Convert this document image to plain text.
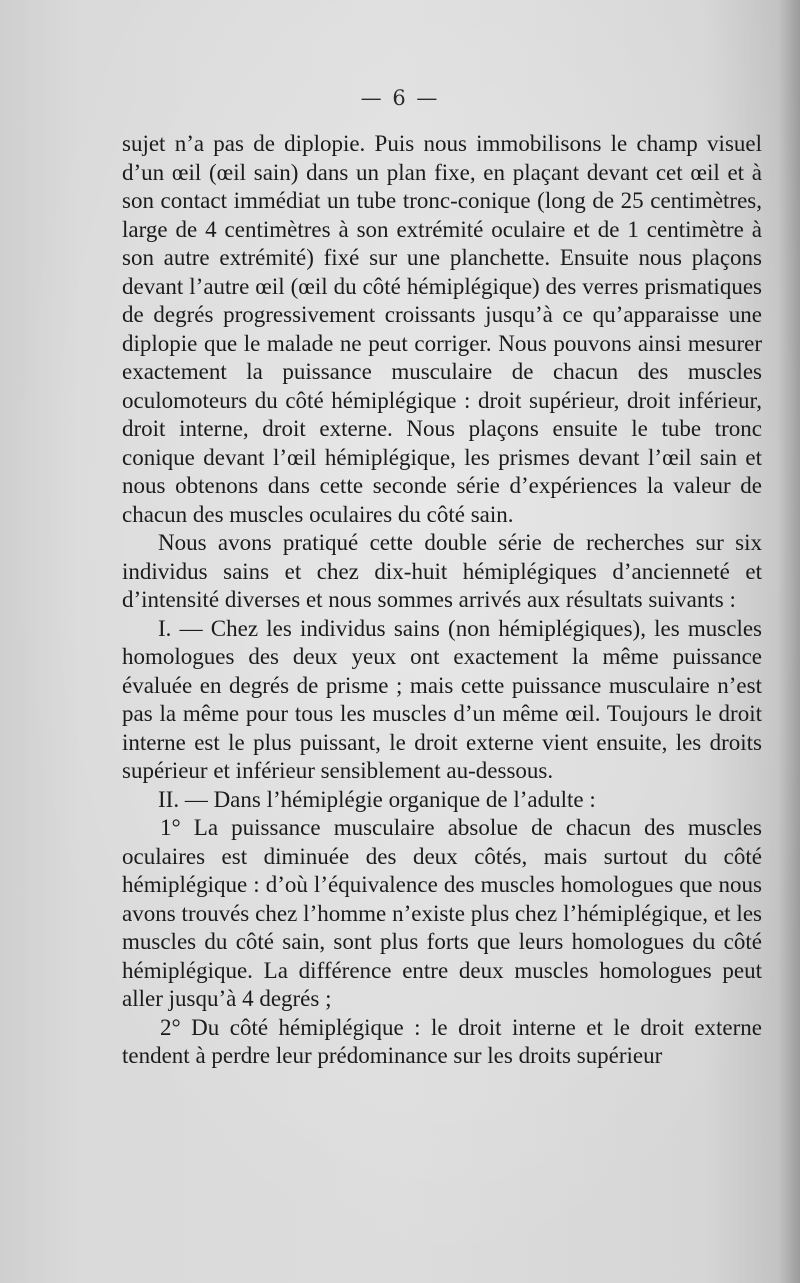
— 6 —

sujet n’a pas de diplopie. Puis nous immobilisons le champ visuel d’un œil (œil sain) dans un plan fixe, en plaçant devant cet œil et à son contact immédiat un tube tronc-conique (long de 25 centimètres, large de 4 centimètres à son extrémité oculaire et de 1 centimètre à son autre extrémité) fixé sur une planchette. Ensuite nous plaçons devant l’autre œil (œil du côté hémiplégique) des verres prismatiques de degrés progressivement croissants jusqu’à ce qu’apparaisse une diplopie que le malade ne peut corriger. Nous pouvons ainsi mesurer exactement la puissance musculaire de chacun des muscles oculomoteurs du côté hémiplégique : droit supérieur, droit inférieur, droit interne, droit externe. Nous plaçons ensuite le tube tronc conique devant l’œil hémiplégique, les prismes devant l’œil sain et nous obtenons dans cette seconde série d’expériences la valeur de chacun des muscles oculaires du côté sain.

Nous avons pratiqué cette double série de recherches sur six individus sains et chez dix-huit hémiplégiques d’ancienneté et d’intensité diverses et nous sommes arrivés aux résultats suivants :

I. — Chez les individus sains (non hémiplégiques), les muscles homologues des deux yeux ont exactement la même puissance évaluée en degrés de prisme ; mais cette puissance musculaire n’est pas la même pour tous les muscles d’un même œil. Toujours le droit interne est le plus puissant, le droit externe vient ensuite, les droits supérieur et inférieur sensiblement au-dessous.

II. — Dans l’hémiplégie organique de l’adulte :

1° La puissance musculaire absolue de chacun des muscles oculaires est diminuée des deux côtés, mais surtout du côté hémiplégique : d’où l’équivalence des muscles homologues que nous avons trouvés chez l’homme n’existe plus chez l’hémiplégique, et les muscles du côté sain, sont plus forts que leurs homologues du côté hémiplégique. La différence entre deux muscles homologues peut aller jusqu’à 4 degrés ;

2° Du côté hémiplégique : le droit interne et le droit externe tendent à perdre leur prédominance sur les droits supérieur
